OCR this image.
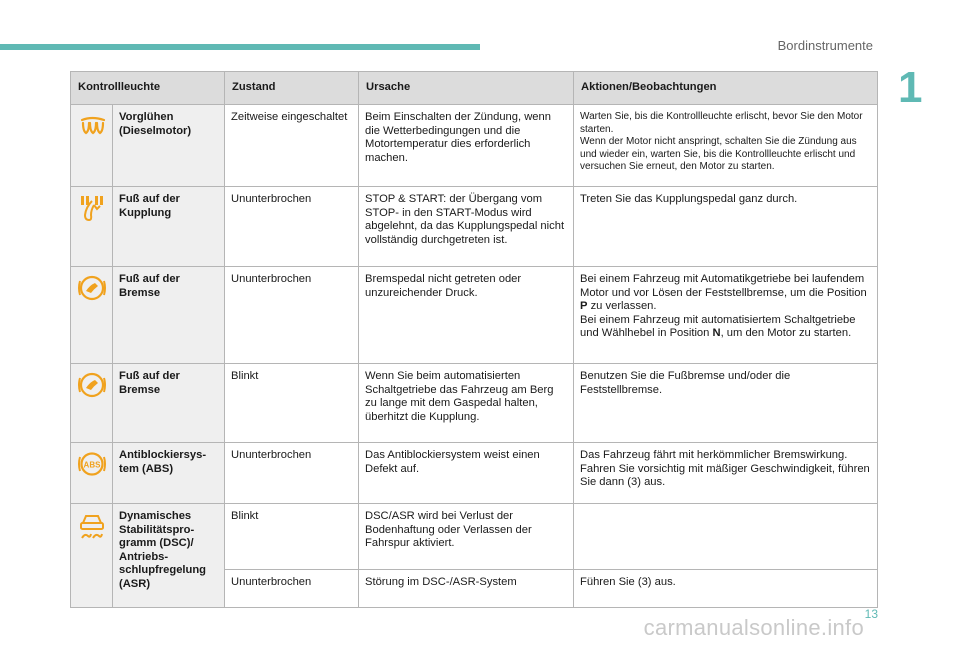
Bordinstrumente
1
Kontrollleuchte		Zustand	Ursache	Aktionen/Beobachtungen
	Vorglühen (Dieselmotor)	Zeitweise eingeschaltet	Beim Einschalten der Zündung, wenn die Wetterbedingungen und die Motortemperatur dies erforderlich machen.	Warten Sie, bis die Kontrollleuchte erlischt, bevor Sie den Motor starten.
Wenn der Motor nicht anspringt, schalten Sie die Zündung aus und wieder ein, warten Sie, bis die Kontrollleuchte erlischt und versuchen Sie erneut, den Motor zu starten.
	Fuß auf der Kupplung	Ununterbrochen	STOP & START: der Übergang vom STOP- in den START-Modus wird abgelehnt, da das Kupplungspedal nicht vollständig durchgetreten ist.	Treten Sie das Kupplungspedal ganz durch.
	Fuß auf der Bremse	Ununterbrochen	Bremspedal nicht getreten oder unzureichender Druck.	Bei einem Fahrzeug mit Automatikgetriebe bei laufendem Motor und vor Lösen der Feststellbremse, um die Position P zu verlassen.
Bei einem Fahrzeug mit automatisiertem Schaltgetriebe und Wählhebel in Position N, um den Motor zu starten.
	Fuß auf der Bremse	Blinkt	Wenn Sie beim automatisierten Schaltgetriebe das Fahrzeug am Berg zu lange mit dem Gaspedal halten, überhitzt die Kupplung.	Benutzen Sie die Fußbremse und/oder die Feststellbremse.

ABS	Antiblockiersys-tem (ABS)	Ununterbrochen	Das Antiblockiersystem weist einen Defekt auf.	Das Fahrzeug fährt mit herkömmlicher Bremswirkung.
Fahren Sie vorsichtig mit mäßiger Geschwindigkeit, führen Sie dann (3) aus.
	Dynamisches Stabilitätspro-gramm (DSC)/ Antriebs-schlupfregelung (ASR)	Blinkt	DSC/ASR wird bei Verlust der Bodenhaftung oder Verlassen der Fahrspur aktiviert.	
		Ununterbrochen	Störung im DSC-/ASR-System	Führen Sie (3) aus.
13
carmanualsonline.info
